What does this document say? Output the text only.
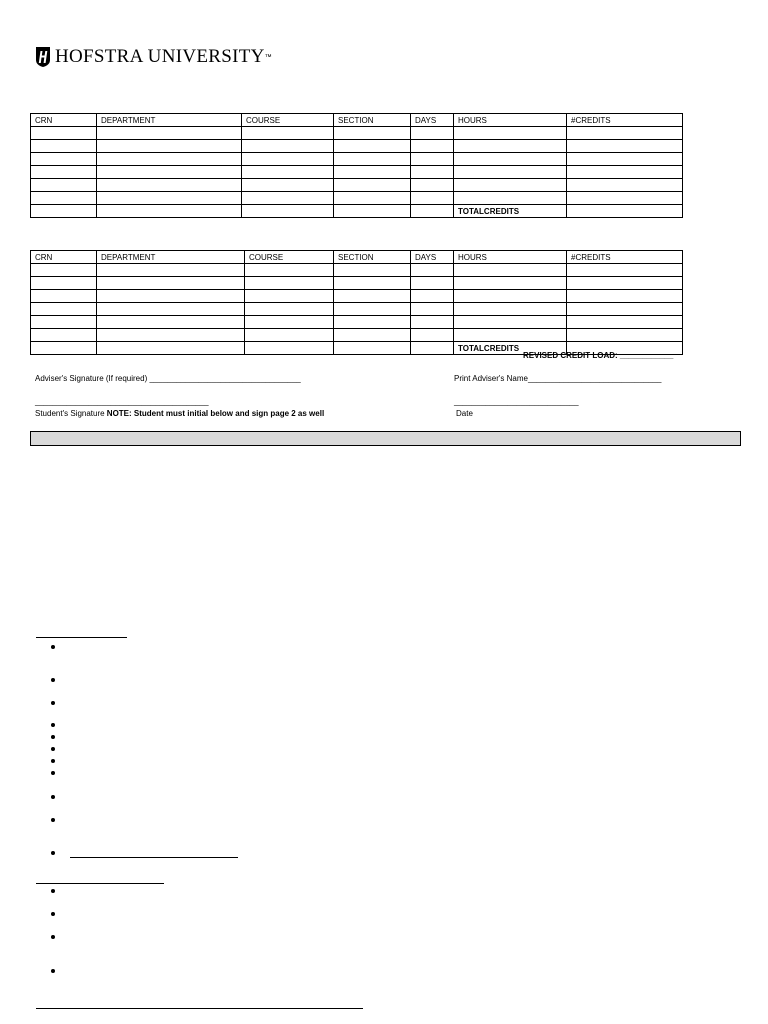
HOFSTRA UNIVERSITY ™
CRN	DEPARTMENT	COURSE	SECTION	DAYS	HOURS	#CREDITS

					TOTALCREDITS	
CRN	DEPARTMENT	COURSE	SECTION	DAYS	HOURS	#CREDITS

					TOTALCREDITS	
REVISED CREDIT LOAD: ____________
Adviser's Signature (If required) __________________________________	Print Adviser's Name______________________________
_______________________________________	____________________________
Student's Signature NOTE: Student must initial below and sign page 2 as well	Date
